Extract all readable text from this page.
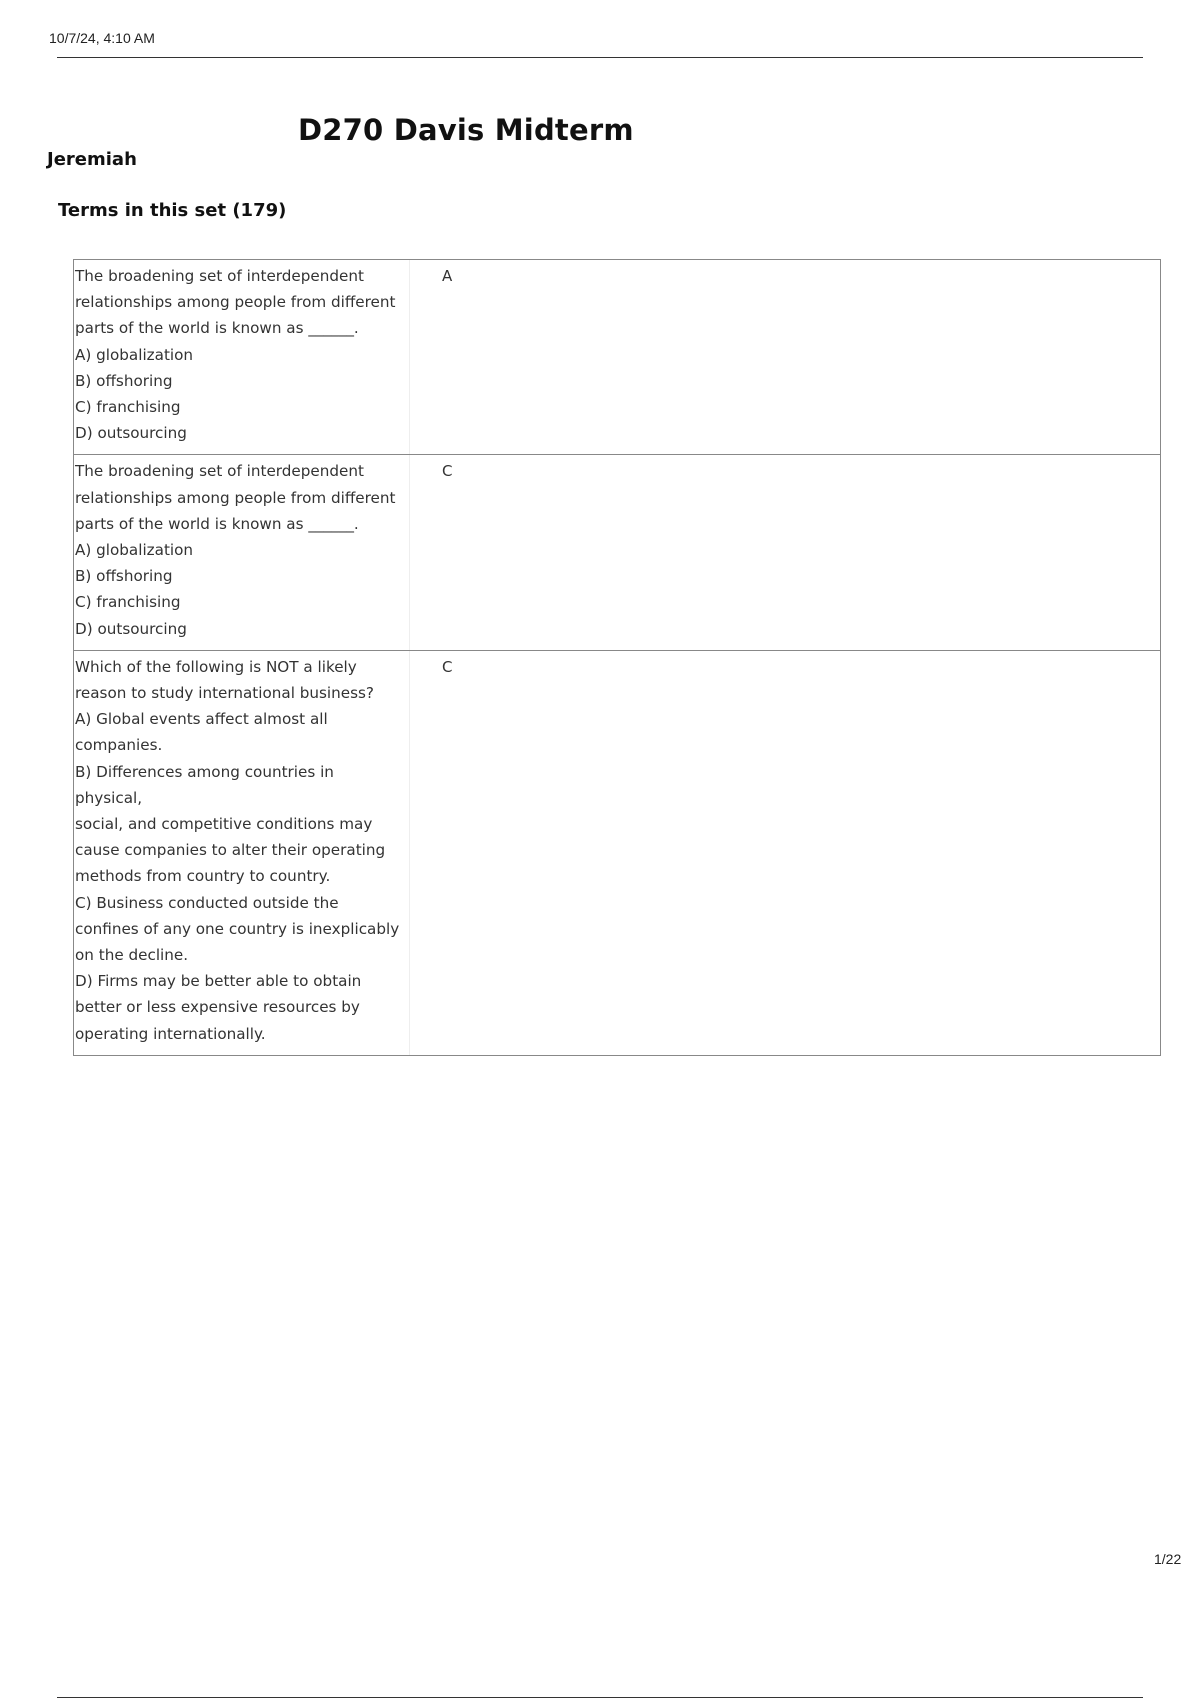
10/7/24, 4:10 AM
D270 Davis Midterm
Jeremiah
Terms in this set (179)
The broadening set of interdependent
relationships among people from different
parts of the world is known as ______.
A) globalization
B) offshoring
C) franchising
D) outsourcing
A
The broadening set of interdependent
relationships among people from different
parts of the world is known as ______.
A) globalization
B) offshoring
C) franchising
D) outsourcing
C
Which of the following is NOT a likely
reason to study international business?
A) Global events affect almost all
companies.
B) Differences among countries in physical,
social, and competitive conditions may
cause companies to alter their operating
methods from country to country.
C) Business conducted outside the
confines of any one country is inexplicably
on the decline.
D) Firms may be better able to obtain
better or less expensive resources by
operating internationally.
C
1/22
